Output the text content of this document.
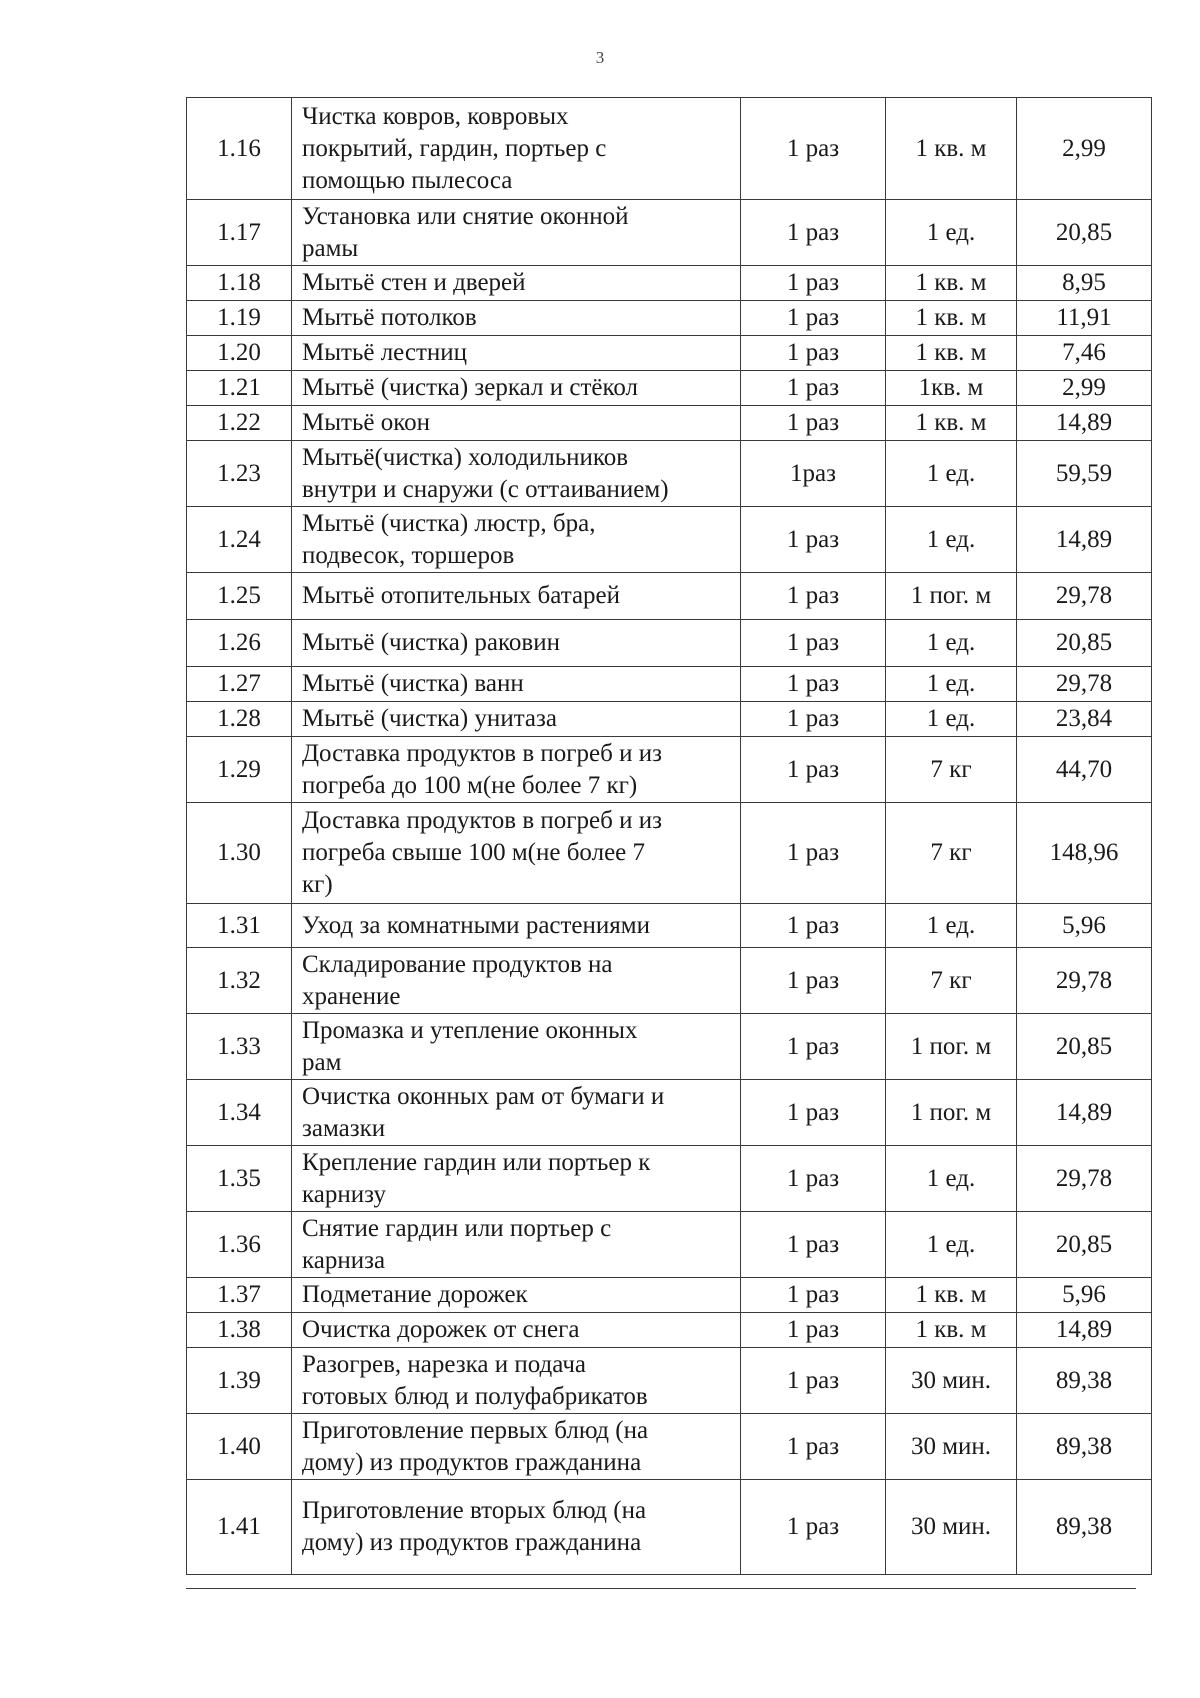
3
1.16	Чистка ковров, ковровых
покрытий, гардин, портьер с
помощью пылесоса	1 раз	1 кв. м	2,99
1.17	Установка или снятие оконной
рамы	1 раз	1 ед.	20,85
1.18	Мытьё стен и дверей	1 раз	1 кв. м	8,95
1.19	Мытьё потолков	1 раз	1 кв. м	11,91
1.20	Мытьё лестниц	1 раз	1 кв. м	7,46
1.21	Мытьё (чистка) зеркал и стёкол	1 раз	1кв. м	2,99
1.22	Мытьё окон	1 раз	1 кв. м	14,89
1.23	Мытьё(чистка) холодильников
внутри и снаружи (с оттаиванием)	1раз	1 ед.	59,59
1.24	Мытьё (чистка) люстр, бра,
подвесок, торшеров	1 раз	1 ед.	14,89
1.25	Мытьё отопительных батарей	1 раз	1 пог. м	29,78
1.26	Мытьё (чистка) раковин	1 раз	1 ед.	20,85
1.27	Мытьё (чистка) ванн	1 раз	1 ед.	29,78
1.28	Мытьё (чистка) унитаза	1 раз	1 ед.	23,84
1.29	Доставка продуктов в погреб и из
погреба до 100 м(не более 7 кг)	1 раз	7 кг	44,70
1.30	Доставка продуктов в погреб и из
погреба свыше 100 м(не более 7
кг)	1 раз	7 кг	148,96
1.31	Уход за комнатными растениями	1 раз	1 ед.	5,96
1.32	Складирование продуктов на
хранение	1 раз	7 кг	29,78
1.33	Промазка и утепление оконных
рам	1 раз	1 пог. м	20,85
1.34	Очистка оконных рам от бумаги и
замазки	1 раз	1 пог. м	14,89
1.35	Крепление гардин или портьер к
карнизу	1 раз	1 ед.	29,78
1.36	Снятие гардин или портьер с
карниза	1 раз	1 ед.	20,85
1.37	Подметание дорожек	1 раз	1 кв. м	5,96
1.38	Очистка дорожек от снега	1 раз	1 кв. м	14,89
1.39	Разогрев, нарезка и подача
готовых блюд и полуфабрикатов	1 раз	30 мин.	89,38
1.40	Приготовление первых блюд (на
дому) из продуктов гражданина	1 раз	30 мин.	89,38
1.41	Приготовление вторых блюд (на
дому) из продуктов гражданина	1 раз	30 мин.	89,38
